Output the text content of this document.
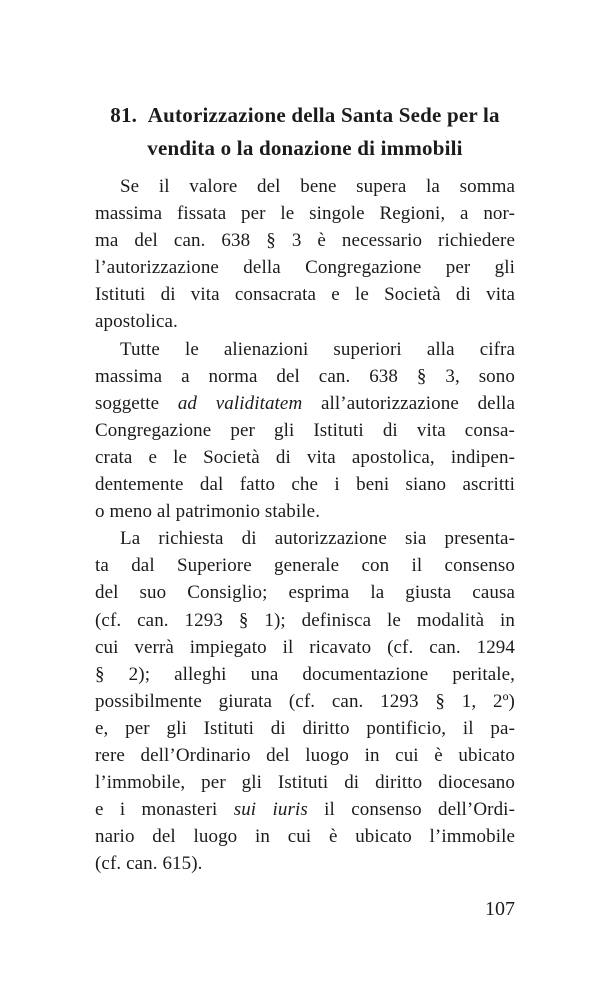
81. Autorizzazione della Santa Sede per la
vendita o la donazione di immobili
Se il valore del bene supera la somma
massima fissata per le singole Regioni, a nor-
ma del can. 638 § 3 è necessario richiedere
l’autorizzazione della Congregazione per gli
Istituti di vita consacrata e le Società di vita
apostolica.
Tutte le alienazioni superiori alla cifra
massima a norma del can. 638 § 3, sono
soggette ad validitatem all’autorizzazione della
Congregazione per gli Istituti di vita consa-
crata e le Società di vita apostolica, indipen-
dentemente dal fatto che i beni siano ascritti
o meno al patrimonio stabile.
La richiesta di autorizzazione sia presenta-
ta dal Superiore generale con il consenso
del suo Consiglio; esprima la giusta causa
(cf. can. 1293 § 1); definisca le modalità in
cui verrà impiegato il ricavato (cf. can. 1294
§ 2); alleghi una documentazione peritale,
possibilmente giurata (cf. can. 1293 § 1, 2º)
e, per gli Istituti di diritto pontificio, il pa-
rere dell’Ordinario del luogo in cui è ubicato
l’immobile, per gli Istituti di diritto diocesano
e i monasteri sui iuris il consenso dell’Ordi-
nario del luogo in cui è ubicato l’immobile
(cf. can. 615).
107
